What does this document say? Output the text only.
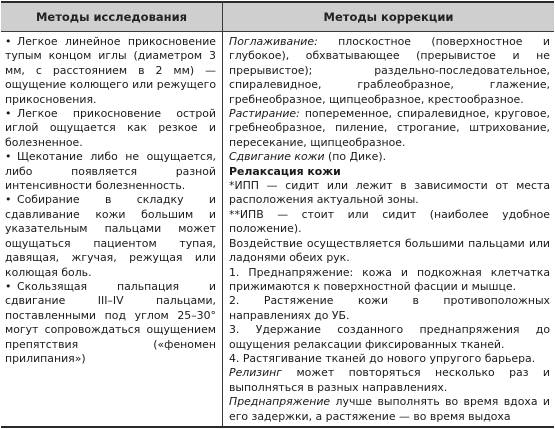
Методы исследования	Методы коррекции

• Легкое линейное прикосновение тупым концом иглы (диаметром 3 мм, с расстоянием в 2 мм) — ощущение колющего или режущего прикосновения.

• Легкое прикосновение острой иглой ощущается как резкое и болезненное.

• Щекотание либо не ощущается, либо появляется разной интенсивности болезненность.

• Собирание в складку и сдавливание кожи большим и указательным пальцами может ощущаться пациентом тупая, давящая, жгучая, режущая или колющая боль.

• Скользящая пальпация и сдвигание III–IV пальцами, поставленными под углом 25–30° могут сопровождаться ощущением препятствия («феномен прилипания»)

Поглаживание: плоскостное (поверхностное и глубокое), обхватывающее (прерывистое и не прерывистое); раздельно-последовательное, спиралевидное, граблеобразное, глажение, гребнеобразное, щипцеобразное, крестообразное.

Растирание: попеременное, спиралевидное, круговое, гребнеобразное, пиление, строгание, штрихование, пересекание, щипцеобразное.

Сдвигание кожи (по Дике).

Релаксация кожи

*ИПП — сидит или лежит в зависимости от места расположения актуальной зоны.

**ИПВ — стоит или сидит (наиболее удобное положение).

Воздействие осуществляется большими пальцами или ладонями обеих рук.

1. Преднапряжение: кожа и подкожная клетчатка прижимаются к поверхностной фасции и мышце.

2. Растяжение кожи в противоположных направлениях до УБ.

3. Удержание созданного преднапряжения до ощущения релаксации фиксированных тканей.

4. Растягивание тканей до нового упругого барьера.

Релизинг может повторяться несколько раз и выполняться в разных направлениях.

Преднапряжение лучше выполнять во время вдоха и его задержки, а растяжение — во время выдоха
